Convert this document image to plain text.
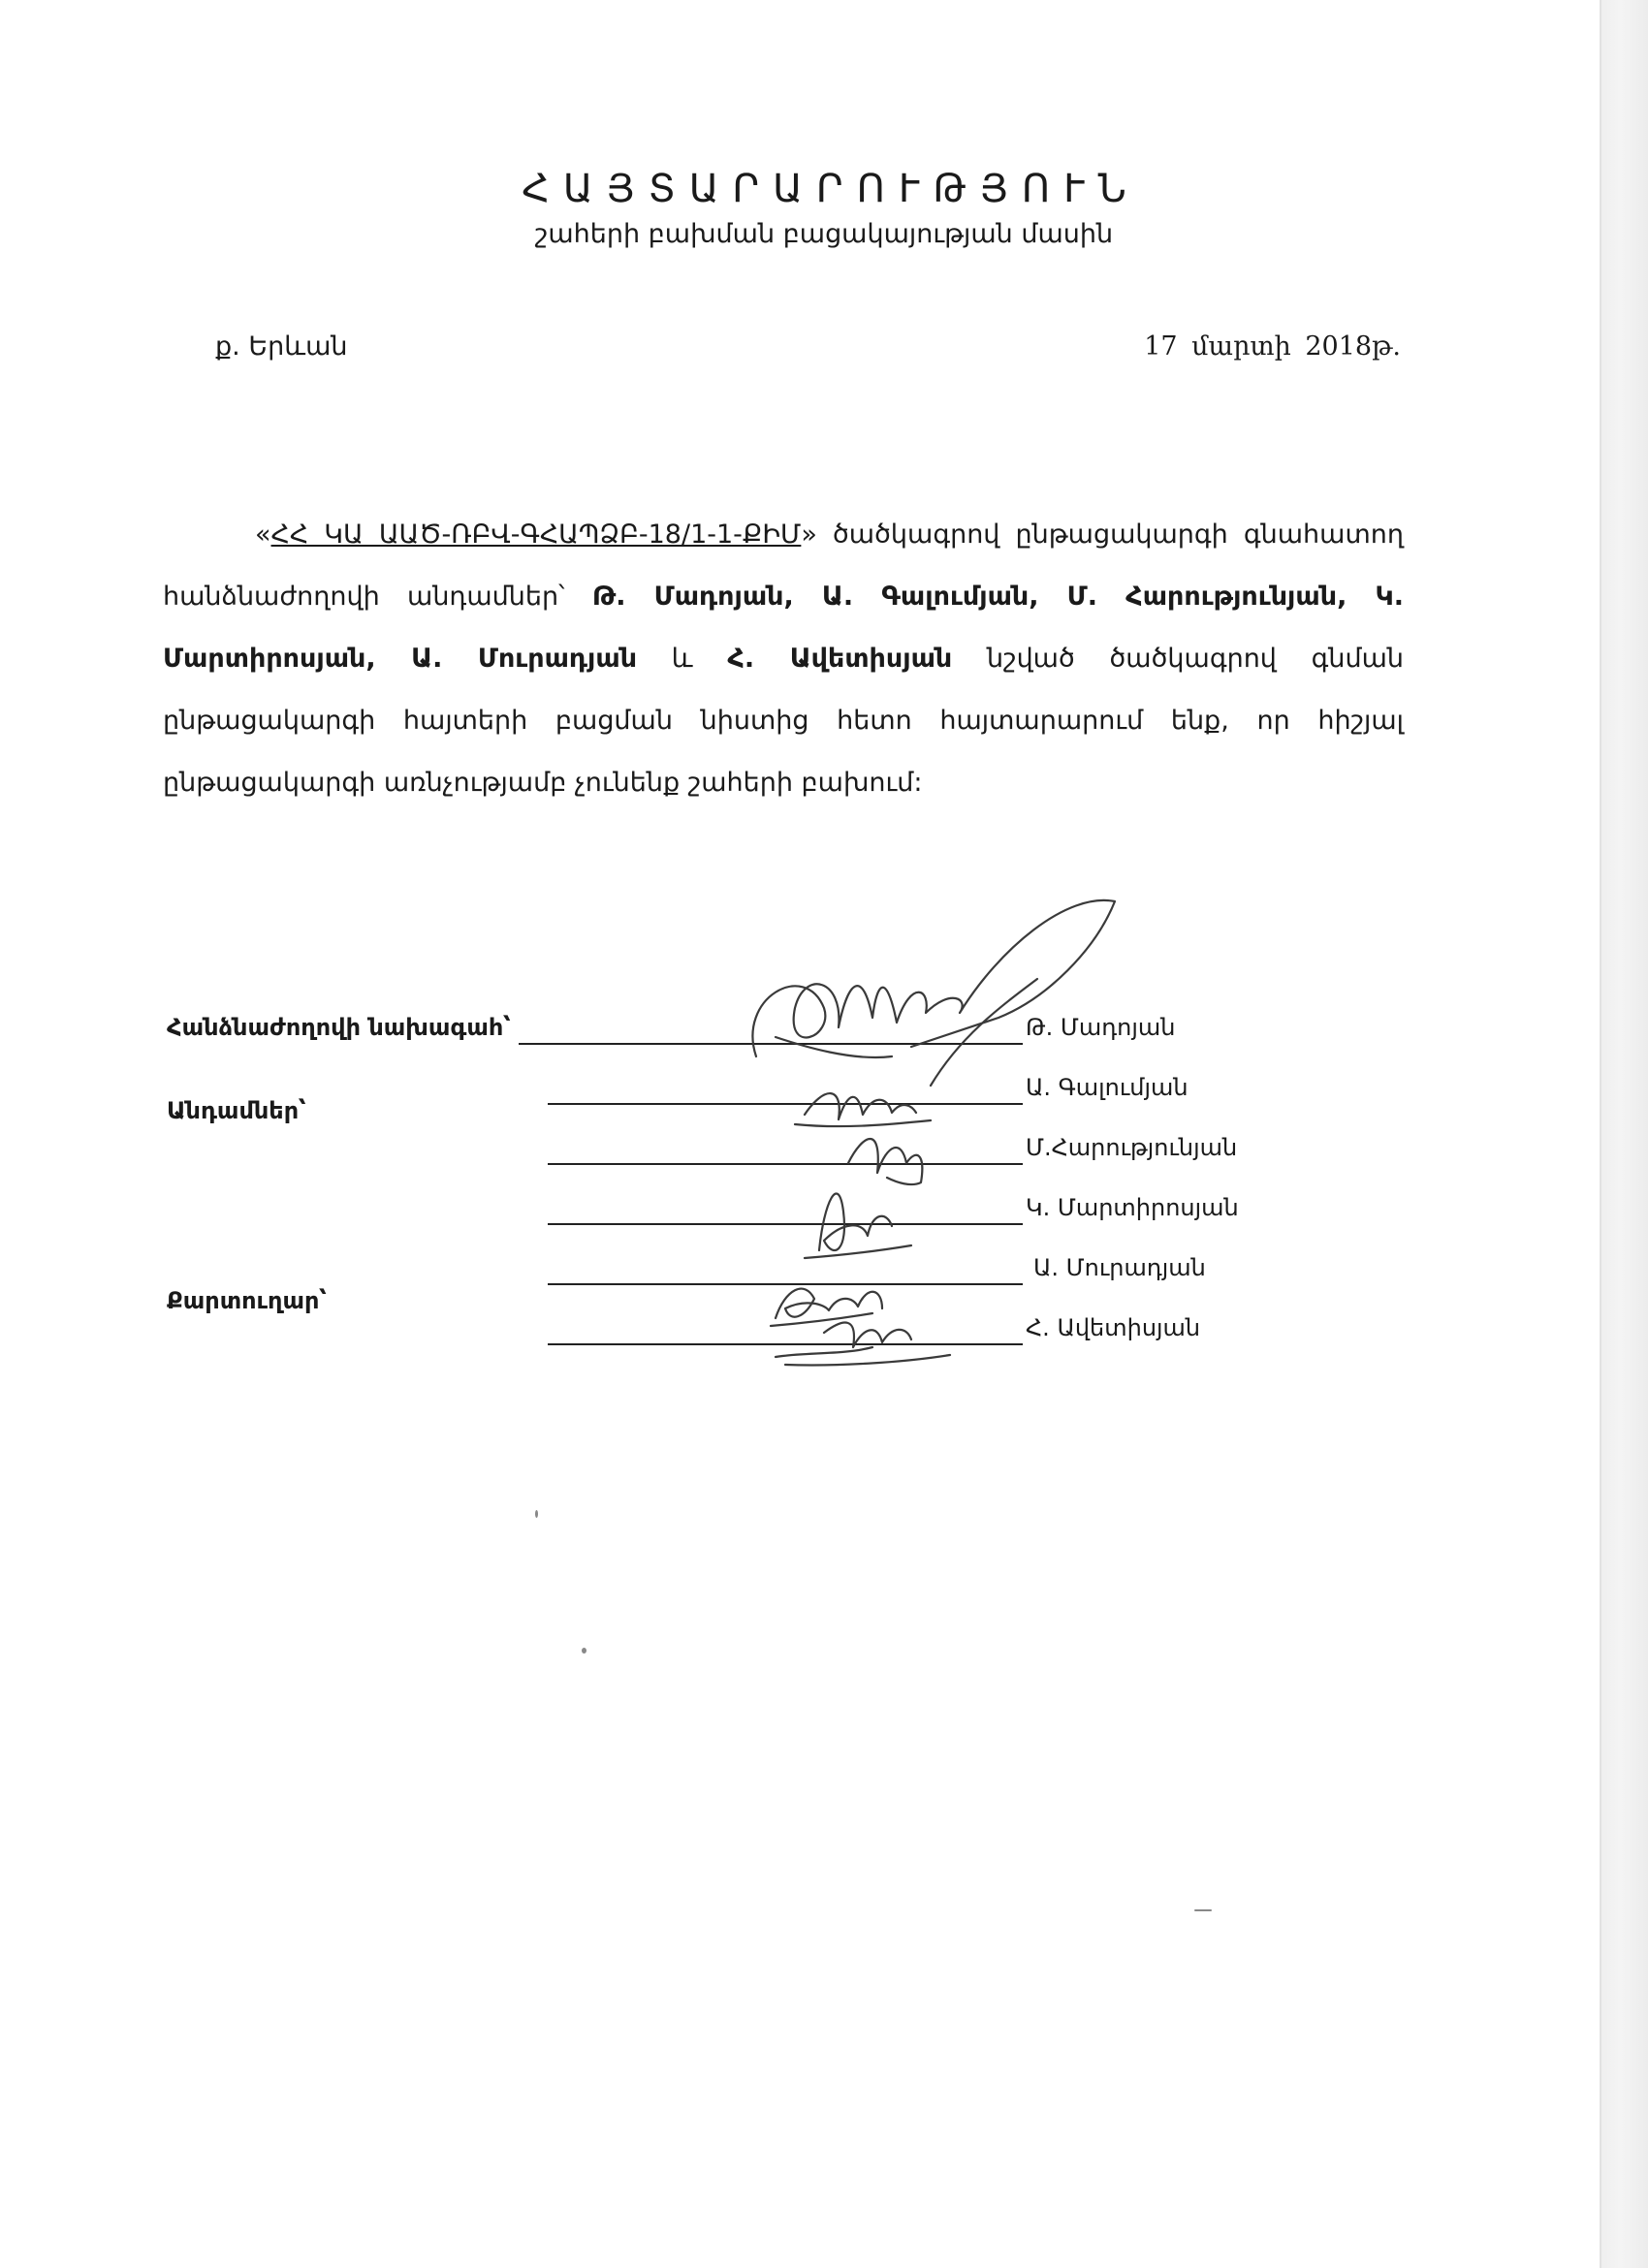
ՀԱՅՏԱՐԱՐՈՒԹՅՈՒՆ
շահերի բախման բացակայության մասին
ք. Երևան	17 մարտի 2018թ.
«ՀՀ ԿԱ ԱԱԾ-ՌԲՎ-ԳՀԱՊՁԲ-18/1-1-ՔԻՄ» ծածկագրով ընթացակարգի գնահատող հանձնաժողովի անդամներ՝ Թ. Մադոյան, Ա. Գալումյան, Մ. Հարությունյան, Կ. Մարտիրոսյան, Ա. Մուրադյան և Հ. Ավետիսյան նշված ծածկագրով գնման ընթացակարգի հայտերի բացման նիստից հետո հայտարարում ենք, որ հիշյալ ընթացակարգի առնչությամբ չունենք շահերի բախում:
Հանձնաժողովի նախագահ՝	Թ. Մադոյան
Անդամներ՝
Ա. Գալումյան
Մ.Հարությունյան
Կ. Մարտիրոսյան
Ա. Մուրադյան
Քարտուղար՝
Հ. Ավետիսյան
